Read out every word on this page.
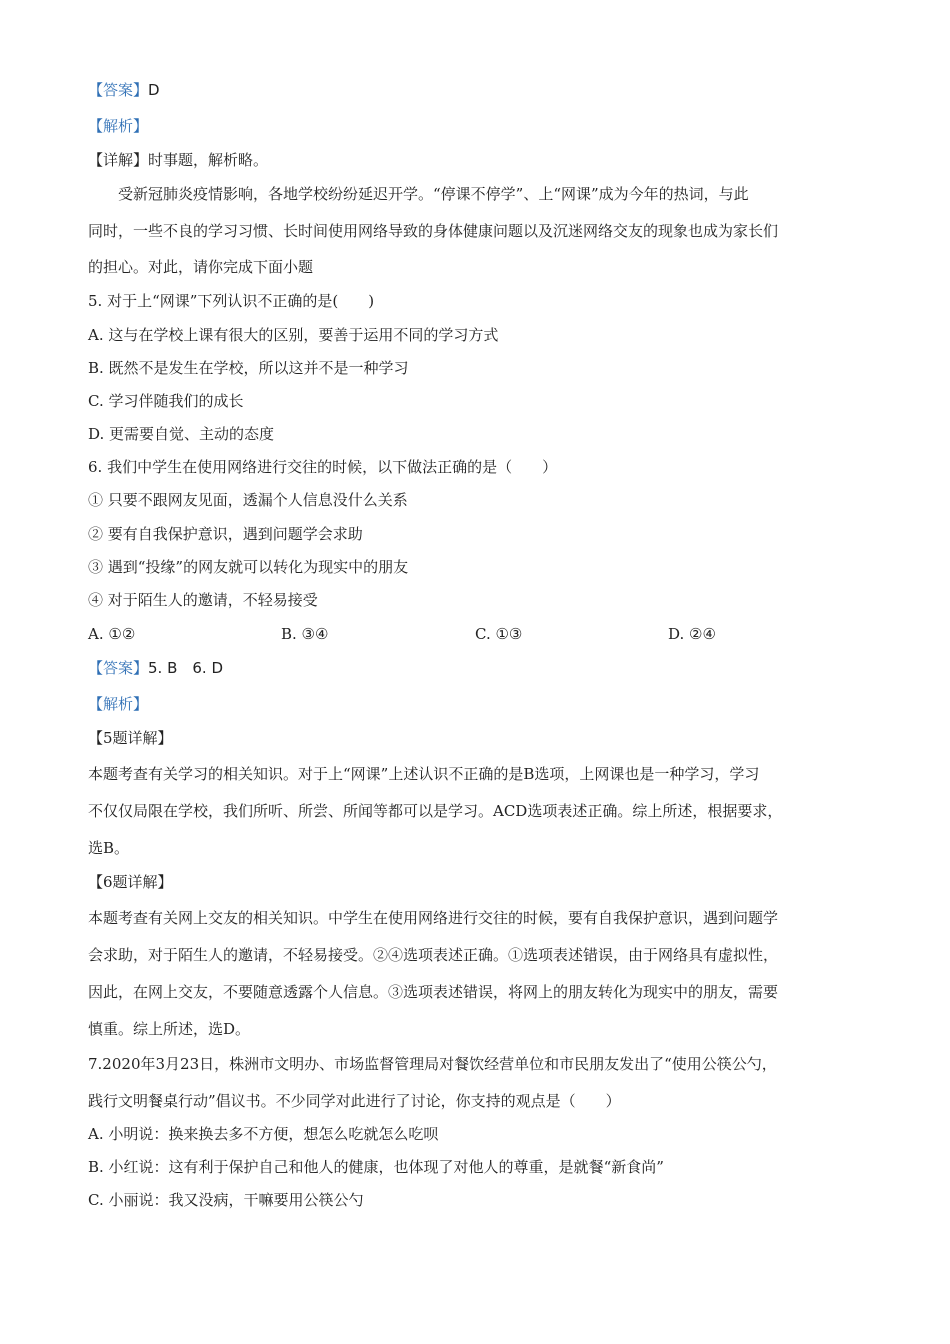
【答案】D
【解析】
【详解】时事题，解析略。
受新冠肺炎疫情影响，各地学校纷纷延迟开学。“停课不停学”、上“网课”成为今年的热词，与此
同时，一些不良的学习习惯、长时间使用网络导致的身体健康问题以及沉迷网络交友的现象也成为家长们
的担心。对此，请你完成下面小题
5. 对于上“网课”下列认识不正确的是(　　)
A. 这与在学校上课有很大的区别，要善于运用不同的学习方式
B. 既然不是发生在学校，所以这并不是一种学习
C. 学习伴随我们的成长
D. 更需要自觉、主动的态度
6. 我们中学生在使用网络进行交往的时候，以下做法正确的是（　　）
① 只要不跟网友见面，透漏个人信息没什么关系
② 要有自我保护意识，遇到问题学会求助
③ 遇到“投缘”的网友就可以转化为现实中的朋友
④ 对于陌生人的邀请，不轻易接受
A. ①②	B. ③④	C. ①③	D. ②④
【答案】5. B　6. D
【解析】
【5题详解】
本题考查有关学习的相关知识。对于上“网课”上述认识不正确的是B选项，上网课也是一种学习，学习
不仅仅局限在学校，我们所听、所尝、所闻等都可以是学习。ACD选项表述正确。综上所述，根据要求，
选B。
【6题详解】
本题考查有关网上交友的相关知识。中学生在使用网络进行交往的时候，要有自我保护意识，遇到问题学
会求助，对于陌生人的邀请，不轻易接受。②④选项表述正确。①选项表述错误，由于网络具有虚拟性，
因此，在网上交友，不要随意透露个人信息。③选项表述错误，将网上的朋友转化为现实中的朋友，需要
慎重。综上所述，选D。
7.2020年3月23日，株洲市文明办、市场监督管理局对餐饮经营单位和市民朋友发出了“使用公筷公勺，
践行文明餐桌行动”倡议书。不少同学对此进行了讨论，你支持的观点是（　　）
A. 小明说：换来换去多不方便，想怎么吃就怎么吃呗
B. 小红说：这有利于保护自己和他人的健康，也体现了对他人的尊重，是就餐“新食尚”
C. 小丽说：我又没病，干嘛要用公筷公勺
